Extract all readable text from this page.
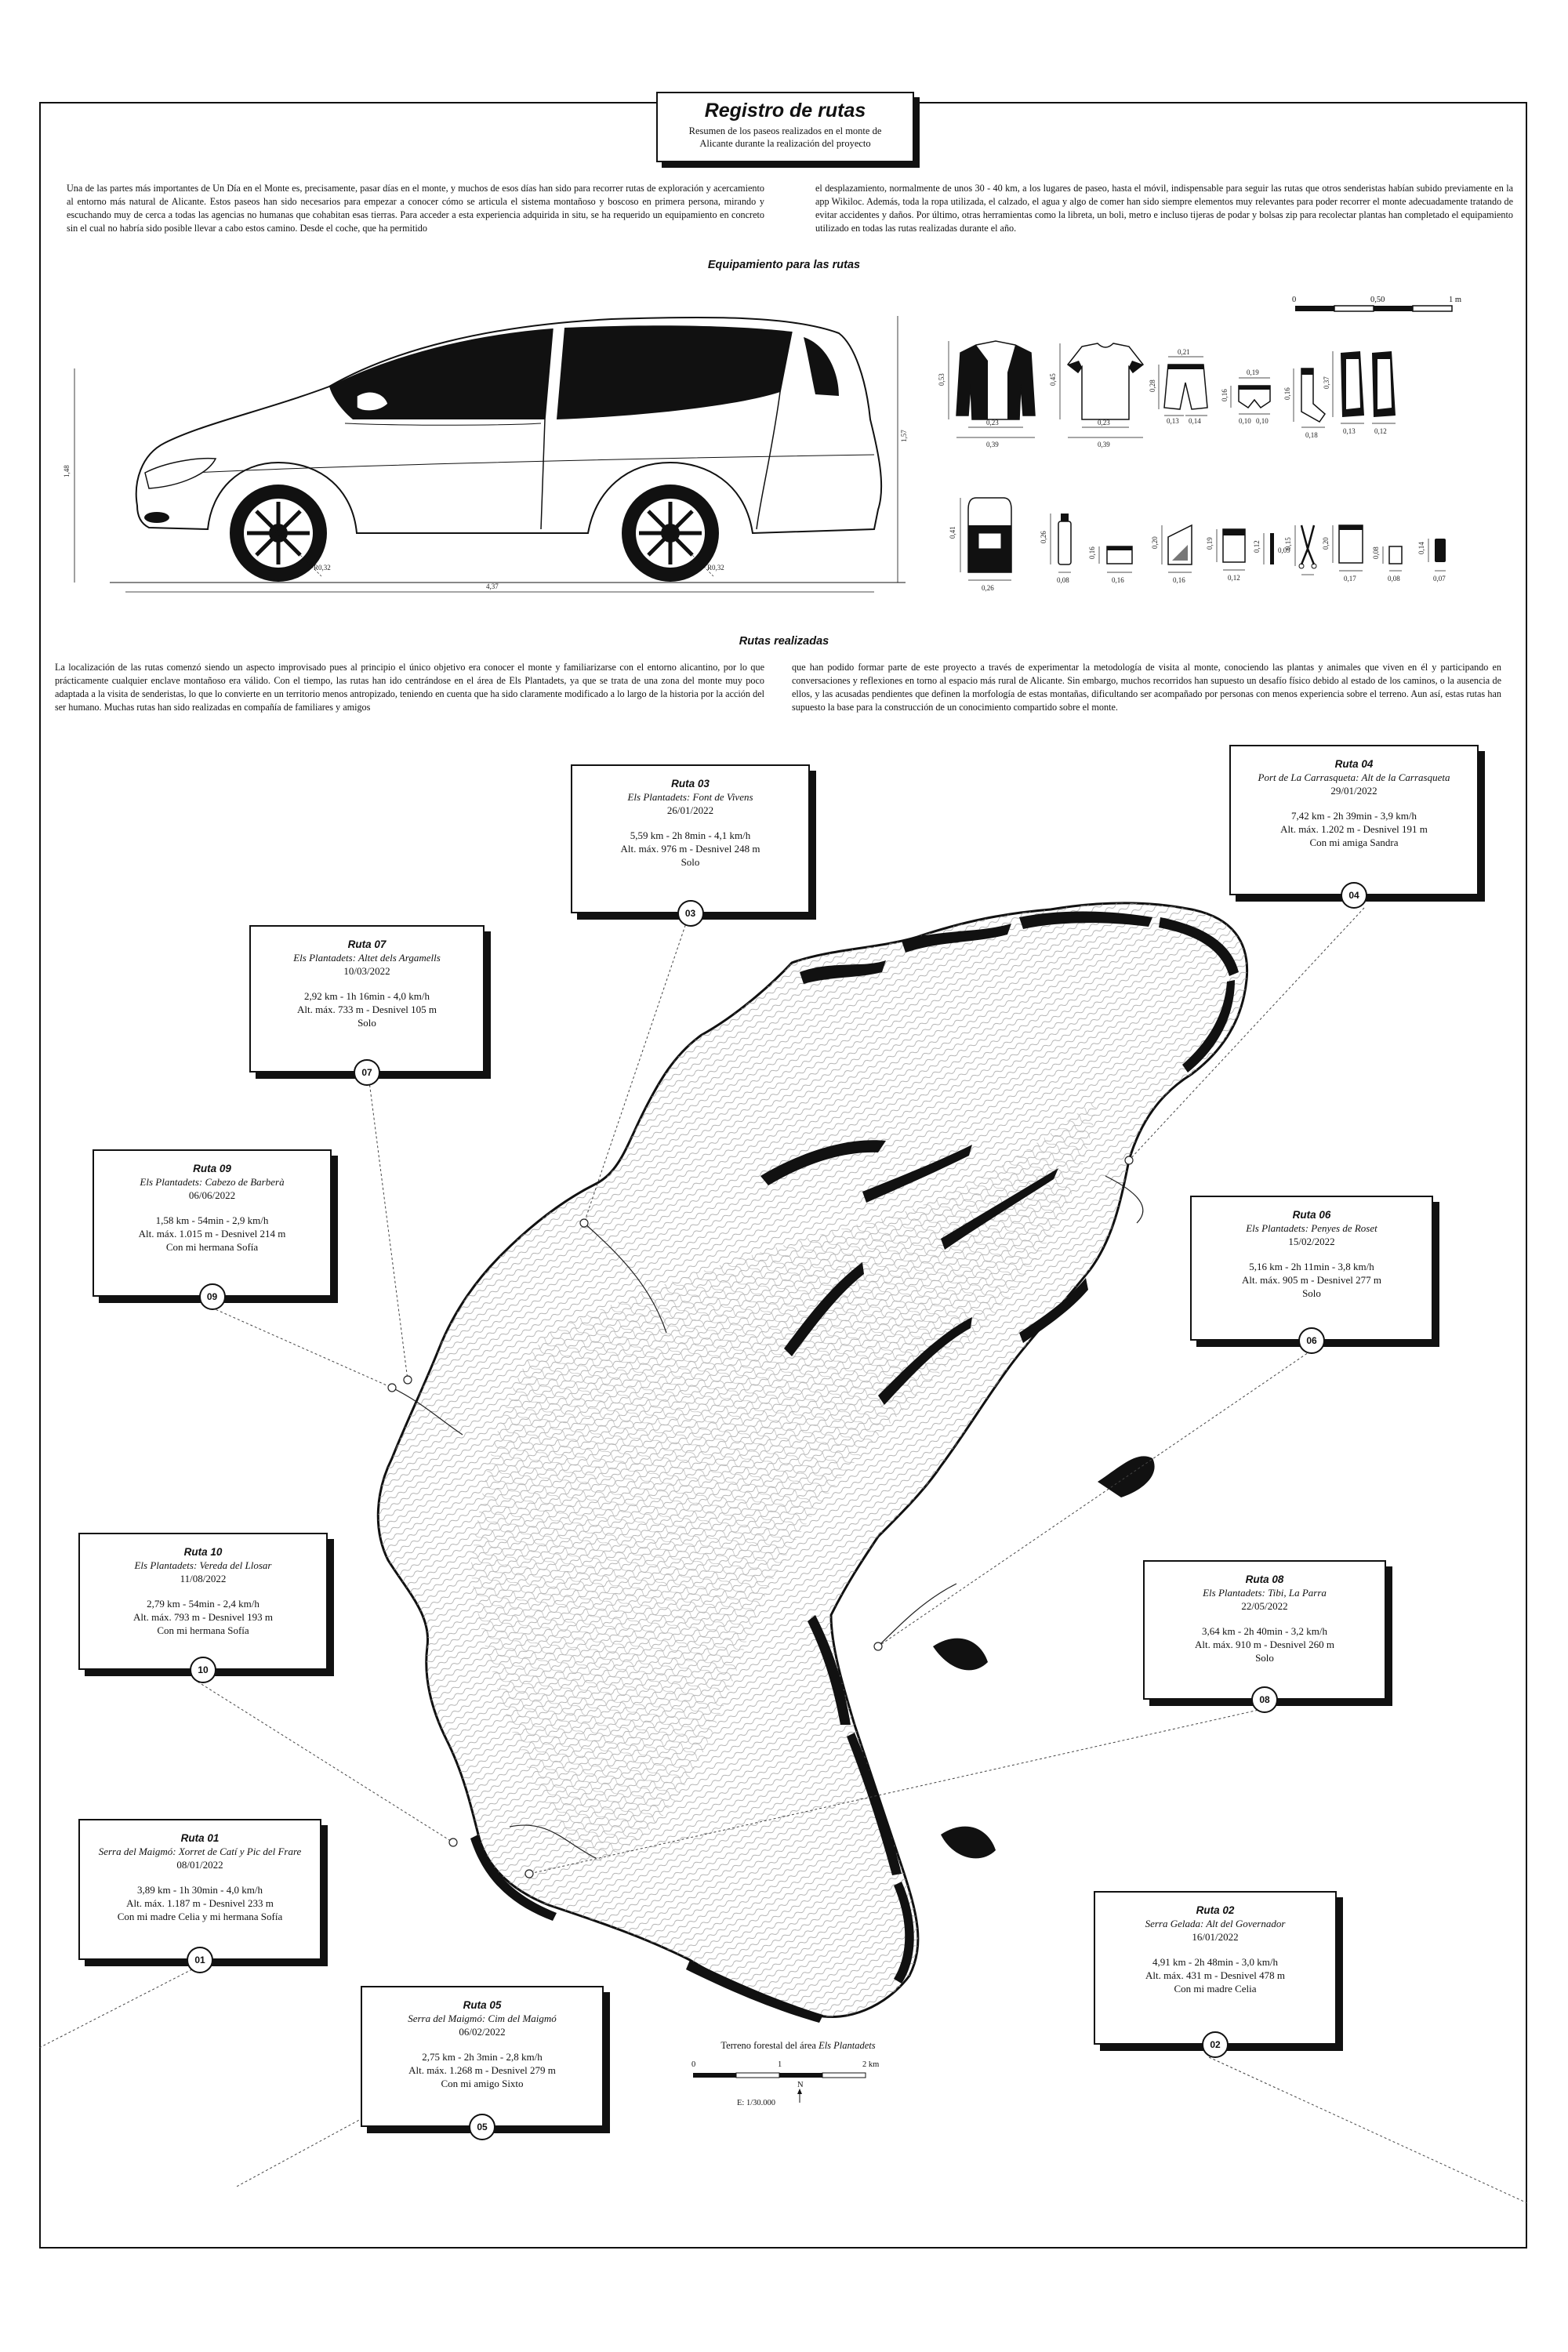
Registro de rutas

Resumen de los paseos realizados en el monte de Alicante durante la realización del proyecto

Una de las partes más importantes de Un Día en el Monte es, precisamente, pasar días en el monte, y muchos de esos días han sido para recorrer rutas de exploración y acercamiento al entorno más natural de Alicante. Estos paseos han sido necesarios para empezar a conocer cómo se articula el sistema montañoso y boscoso en primera persona, mirando y escuchando muy de cerca a todas las agencias no humanas que cohabitan esas tierras. Para acceder a esta experiencia adquirida in situ, se ha requerido un equipamiento en concreto sin el cual no habría sido posible llevar a cabo estos camino. Desde el coche, que ha permitido

el desplazamiento, normalmente de unos 30 - 40 km, a los lugares de paseo, hasta el móvil, indispensable para seguir las rutas que otros senderistas habían subido previamente en la app Wikiloc. Además, toda la ropa utilizada, el calzado, el agua y algo de comer han sido siempre elementos muy relevantes para poder recorrer el monte adecuadamente tratando de evitar accidentes y daños. Por último, otras herramientas como la libreta, un boli, metro e incluso tijeras de podar y bolsas zip para recolectar plantas han completado el equipamiento utilizado en todas las rutas realizadas durante el año.

Equipamiento para las rutas
0	0,50	1 m
1,48
1,57
4,37
R0,32	R0,32
0,53
0,23
0,39
0,45
0,23
0,39
0,28
0,21
0,13 0,14
0,16
0,19
0,10 0,10
0,16
0,18
0,37
0,13	0,12
0,41
0,26
0,26
0,08
0,16
0,16
0,20
0,16
0,19
0,12
0,12 0,09
0,15	0,20
0,17
0,08
0,08
0,14
0,07
Rutas realizadas

La localización de las rutas comenzó siendo un aspecto improvisado pues al principio el único objetivo era conocer el monte y familiarizarse con el entorno alicantino, por lo que prácticamente cualquier enclave montañoso era válido. Con el tiempo, las rutas han ido centrándose en el área de Els Plantadets, ya que se trata de una zona del monte muy poco adaptada a la visita de senderistas, lo que lo convierte en un territorio menos antropizado, teniendo en cuenta que ha sido claramente modificado a lo largo de la historia por la acción del ser humano. Muchas rutas han sido realizadas en compañía de familiares y amigos

que han podido formar parte de este proyecto a través de experimentar la metodología de visita al monte, conociendo las plantas y animales que viven en él y participando en conversaciones y reflexiones en torno al espacio más rural de Alicante. Sin embargo, muchos recorridos han supuesto un desafío físico debido al estado de los caminos, o la ausencia de ellos, y las acusadas pendientes que definen la morfología de estas montañas, dificultando ser acompañado por personas con menos experiencia sobre el terreno. Aun así, estas rutas han supuesto la base para la construcción de un conocimiento compartido sobre el monte.

Ruta 03
Els Plantadets: Font de Vivens
26/01/2022
5,59 km - 2h 8min - 4,1 km/h
Alt. máx. 976 m - Desnivel 248 m
Solo
03
Ruta 04
Port de La Carrasqueta: Alt de la Carrasqueta
29/01/2022
7,42 km - 2h 39min - 3,9 km/h
Alt. máx. 1.202 m - Desnivel 191 m
Con mi amiga Sandra
04
Ruta 07
Els Plantadets: Altet dels Argamells
10/03/2022
2,92 km - 1h 16min - 4,0 km/h
Alt. máx. 733 m - Desnivel 105 m
Solo
07
Ruta 09
Els Plantadets: Cabezo de Barberà
06/06/2022
1,58 km - 54min - 2,9 km/h
Alt. máx. 1.015 m - Desnivel 214 m
Con mi hermana Sofía
09
Ruta 06
Els Plantadets: Penyes de Roset
15/02/2022
5,16 km - 2h 11min - 3,8 km/h
Alt. máx. 905 m - Desnivel 277 m
Solo
06
Ruta 10
Els Plantadets: Vereda del Llosar
11/08/2022
2,79 km - 54min - 2,4 km/h
Alt. máx. 793 m - Desnivel 193 m
Con mi hermana Sofía
10
Ruta 08
Els Plantadets: Tibi, La Parra
22/05/2022
3,64 km - 2h 40min - 3,2 km/h
Alt. máx. 910 m - Desnivel 260 m
Solo
08
Ruta 01
Serra del Maigmó: Xorret de Catí y Pic del Frare
08/01/2022
3,89 km - 1h 30min - 4,0 km/h
Alt. máx. 1.187 m - Desnivel 233 m
Con mi madre Celia y mi hermana Sofía
01
Ruta 02
Serra Gelada: Alt del Governador
16/01/2022
4,91 km - 2h 48min - 3,0 km/h
Alt. máx. 431 m - Desnivel 478 m
Con mi madre Celia
02
Ruta 05
Serra del Maigmó: Cim del Maigmó
06/02/2022
2,75 km - 2h 3min - 2,8 km/h
Alt. máx. 1.268 m - Desnivel 279 m
Con mi amigo Sixto
05
Terreno forestal del área Els Plantadets
0	1	2 km
E: 1/30.000
N
